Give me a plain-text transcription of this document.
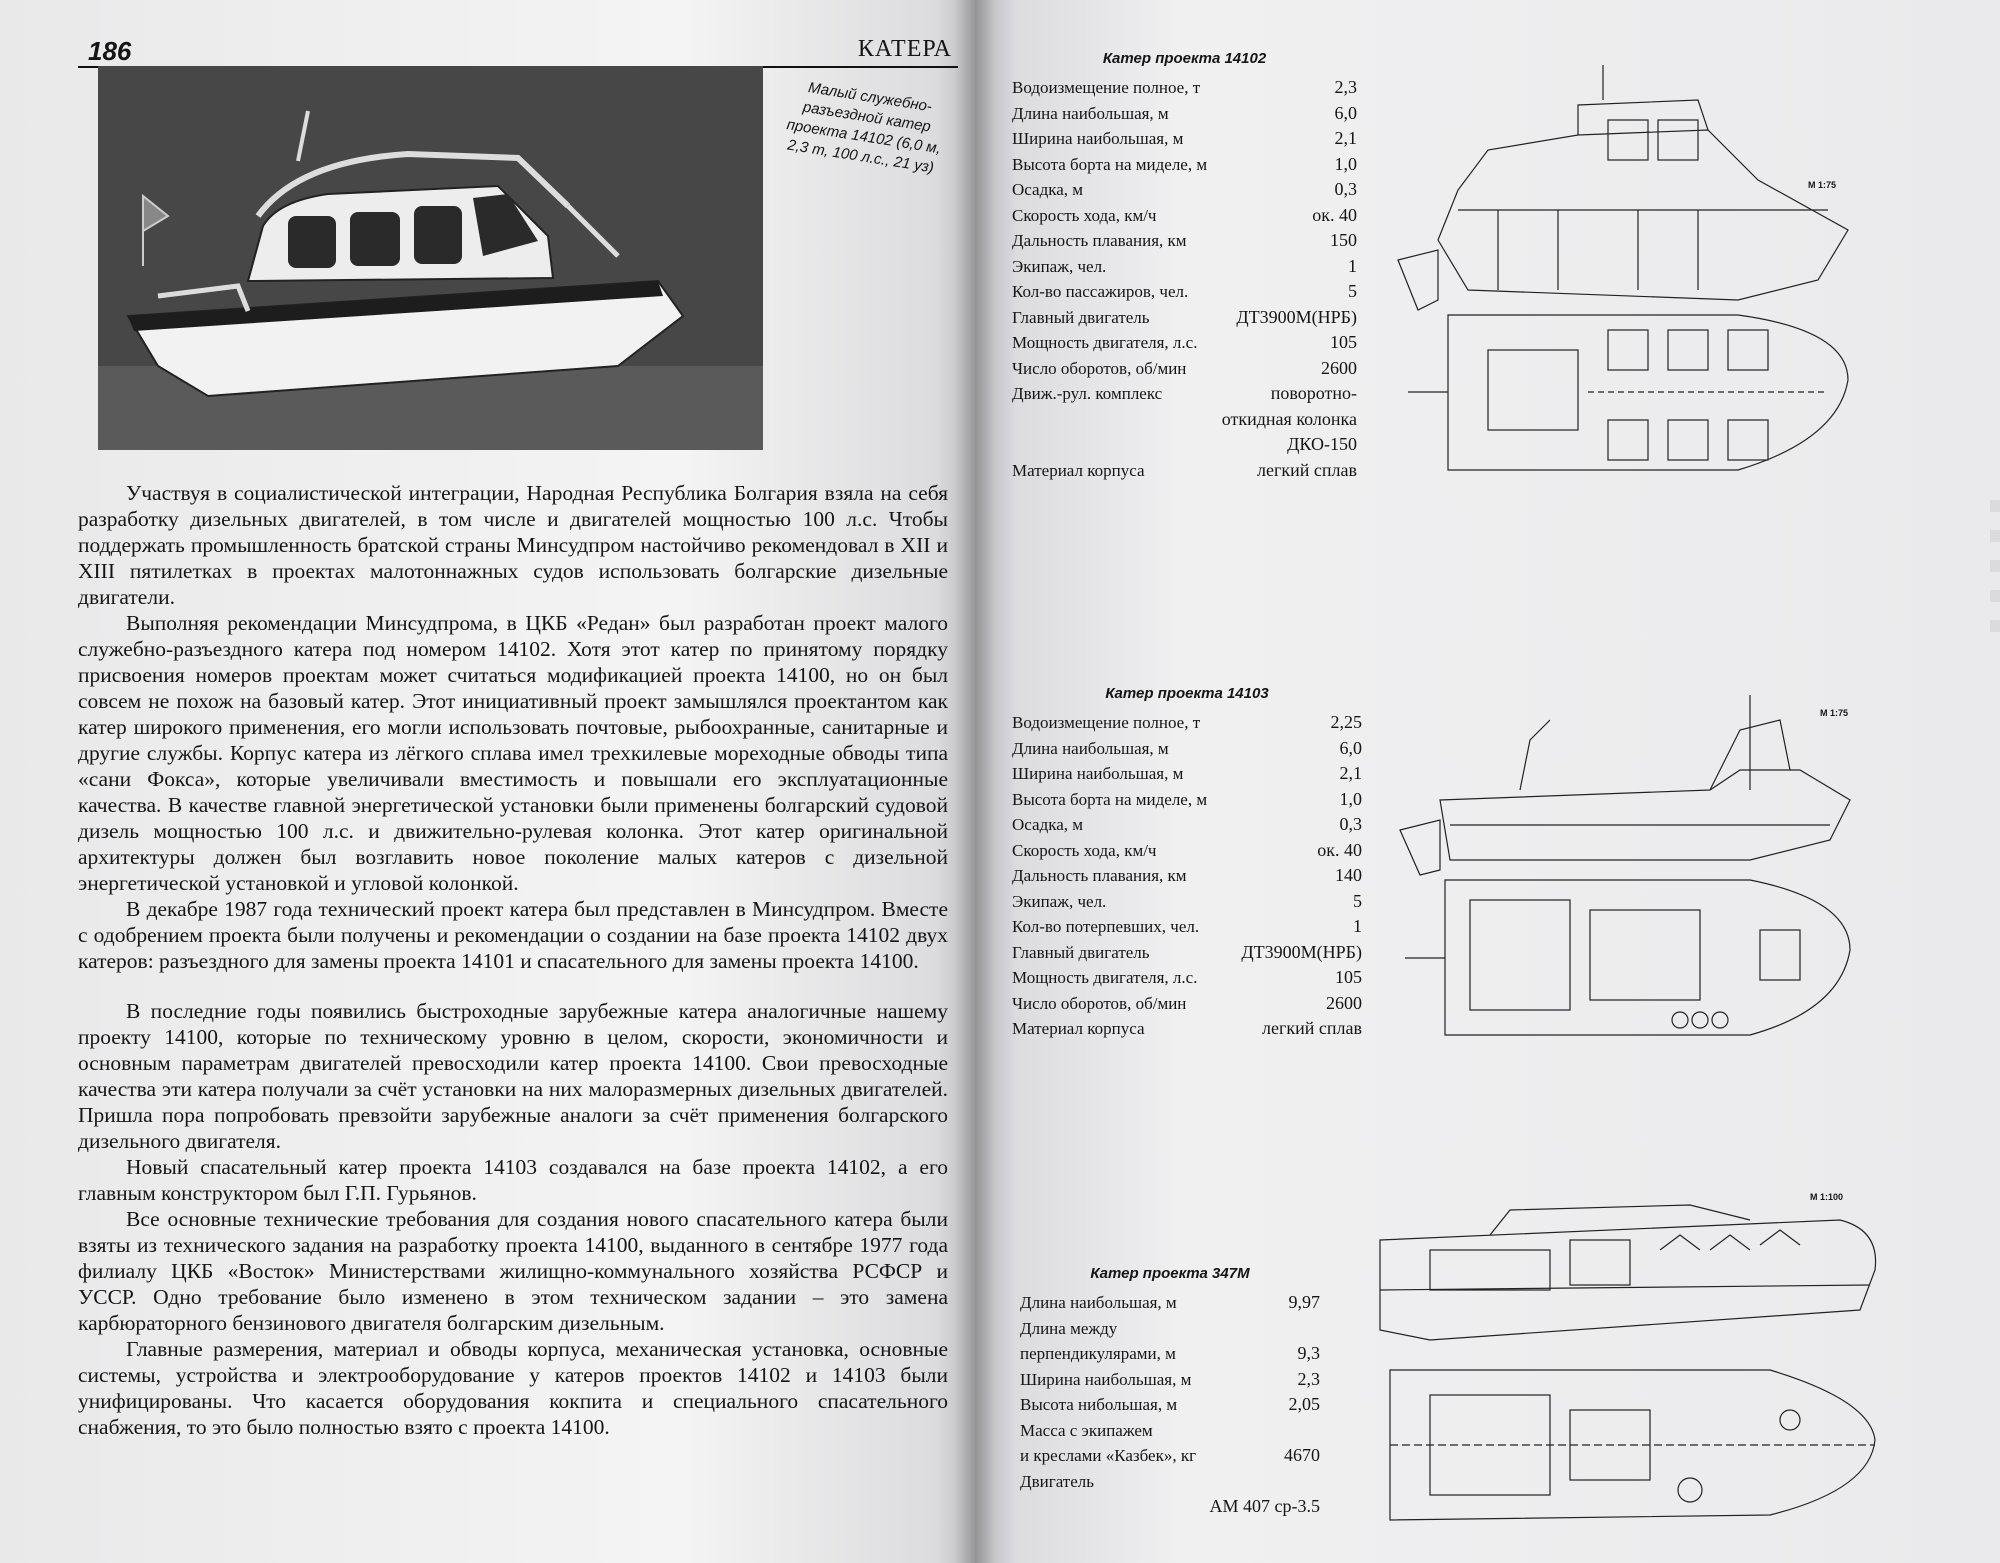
186	КАТЕРА
Малый служебно-разъездной катер проекта 14102 (6,0 м, 2,3 т, 100 л.с., 21 уз)

Участвуя в социалистической интеграции, Народная Республика Болгария взяла на себя разработку дизельных двигателей, в том числе и двигателей мощностью 100 л.с. Чтобы поддержать промышленность братской страны Минсудпром настойчиво рекомендовал в XII и XIII пятилетках в проектах малотоннажных судов использовать болгарские дизельные двигатели.

Выполняя рекомендации Минсудпрома, в ЦКБ «Редан» был разработан проект малого служебно-разъездного катера под номером 14102. Хотя этот катер по принятому порядку присвоения номеров проектам может считаться модификацией проекта 14100, но он был совсем не похож на базовый катер. Этот инициативный проект замышлялся проектантом как катер широкого применения, его могли использовать почтовые, рыбоохранные, санитарные и другие службы. Корпус катера из лёгкого сплава имел трехкилевые мореходные обводы типа «сани Фокса», которые увеличивали вместимость и повышали его эксплуатационные качества. В качестве главной энергетической установки были применены болгарский судовой дизель мощностью 100 л.с. и движительно-рулевая колонка. Этот катер оригинальной архитектуры должен был возглавить новое поколение малых катеров с дизельной энергетической установкой и угловой колонкой.

В декабре 1987 года технический проект катера был представлен в Минсудпром. Вместе с одобрением проекта были получены и рекомендации о создании на базе проекта 14102 двух катеров: разъездного для замены проекта 14101 и спасательного для замены проекта 14100.

В последние годы появились быстроходные зарубежные катера аналогичные нашему проекту 14100, которые по техническому уровню в целом, скорости, экономичности и основным параметрам двигателей превосходили катер проекта 14100. Свои превосходные качества эти катера получали за счёт установки на них малоразмерных дизельных двигателей. Пришла пора попробовать превзойти зарубежные аналоги за счёт применения болгарского дизельного двигателя.

Новый спасательный катер проекта 14103 создавался на базе проекта 14102, а его главным конструктором был Г.П. Гурьянов.

Все основные технические требования для создания нового спасательного катера были взяты из технического задания на разработку проекта 14100, выданного в сентябре 1977 года филиалу ЦКБ «Восток» Министерствами жилищно-коммунального хозяйства РСФСР и УССР. Одно требование было изменено в этом техническом задании – это замена карбюраторного бензинового двигателя болгарским дизельным.

Главные размерения, материал и обводы корпуса, механическая установка, основные системы, устройства и электрооборудование у катеров проектов 14102 и 14103 были унифицированы. Что касается оборудования кокпита и специального спасательного снабжения, то это было полностью взято с проекта 14100.

Катер проекта 14102
Водоизмещение полное, т	2,3
Длина наибольшая, м	6,0
Ширина наибольшая, м	2,1
Высота борта на миделе, м	1,0
Осадка, м	0,3
Скорость хода, км/ч	ок. 40
Дальность плавания, км	150
Экипаж, чел.	1
Кол-во пассажиров, чел.	5
Главный двигатель	ДТ3900М(НРБ)
Мощность двигателя, л.с.	105
Число оборотов, об/мин	2600
Движ.-рул. комплекс	поворотно-
откидная колонка
ДКО-150
Материал корпуса	легкий сплав
М 1:75
Катер проекта 14103
Водоизмещение полное, т	2,25
Длина наибольшая, м	6,0
Ширина наибольшая, м	2,1
Высота борта на миделе, м	1,0
Осадка, м	0,3
Скорость хода, км/ч	ок. 40
Дальность плавания, км	140
Экипаж, чел.	5
Кол-во потерпевших, чел.	1
Главный двигатель	ДТ3900М(НРБ)
Мощность двигателя, л.с.	105
Число оборотов, об/мин	2600
Материал корпуса	легкий сплав
М 1:75
Катер проекта 347М
Длина наибольшая, м	9,97
Длина между
перпендикулярами, м	9,3
Ширина наибольшая, м	2,3
Высота нибольшая, м	2,05
Масса с экипажем
и креслами «Казбек», кг	4670
Двигатель
АМ 407 ср-3.5
М 1:100
